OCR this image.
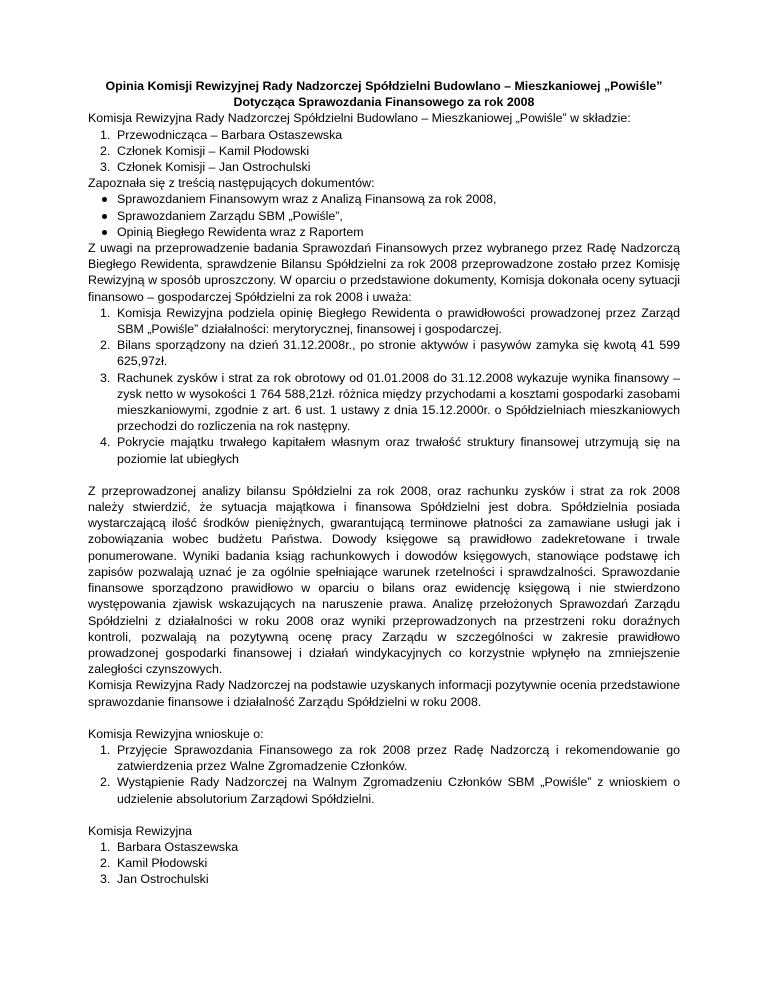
Opinia Komisji Rewizyjnej Rady Nadzorczej Spółdzielni Budowlano – Mieszkaniowej „Powiśle”
Dotycząca Sprawozdania Finansowego za rok 2008

Komisja Rewizyjna Rady Nadzorczej Spółdzielni Budowlano – Mieszkaniowej „Powiśle” w składzie:

1. Przewodnicząca – Barbara Ostaszewska
2. Członek Komisji – Kamil Płodowski
3. Członek Komisji – Jan Ostrochulski

Zapoznała się z treścią następujących dokumentów:

Sprawozdaniem Finansowym wraz z Analizą Finansową za rok 2008,
Sprawozdaniem Zarządu SBM „Powiśle”,
Opinią Biegłego Rewidenta wraz z Raportem

Z uwagi na przeprowadzenie badania Sprawozdań Finansowych przez wybranego przez Radę Nadzorczą Biegłego Rewidenta, sprawdzenie Bilansu Spółdzielni za rok 2008 przeprowadzone zostało przez Komisję Rewizyjną w sposób uproszczony. W oparciu o przedstawione dokumenty, Komisja dokonała oceny sytuacji finansowo – gospodarczej Spółdzielni za rok 2008 i uważa:

1. Komisja Rewizyjna podziela opinię Biegłego Rewidenta o prawidłowości prowadzonej przez Zarząd SBM „Powiśle” działalności: merytorycznej, finansowej i gospodarczej.
2. Bilans sporządzony na dzień 31.12.2008r., po stronie aktywów i pasywów zamyka się kwotą 41 599 625,97zł.
3. Rachunek zysków i strat za rok obrotowy od 01.01.2008 do 31.12.2008 wykazuje wynika finansowy – zysk netto w wysokości 1 764 588,21zł. różnica między przychodami a kosztami gospodarki zasobami mieszkaniowymi, zgodnie z art. 6 ust. 1 ustawy z dnia 15.12.2000r. o Spółdzielniach mieszkaniowych przechodzi do rozliczenia na rok następny.
4. Pokrycie majątku trwałego kapitałem własnym oraz trwałość struktury finansowej utrzymują się na poziomie lat ubiegłych

Z przeprowadzonej analizy bilansu Spółdzielni za rok 2008, oraz rachunku zysków i strat za rok 2008 należy stwierdzić, że sytuacja majątkowa i finansowa Spółdzielni jest dobra. Spółdzielnia posiada wystarczającą ilość środków pieniężnych, gwarantującą terminowe płatności za zamawiane usługi jak i zobowiązania wobec budżetu Państwa. Dowody księgowe są prawidłowo zadekretowane i trwale ponumerowane. Wyniki badania ksiąg rachunkowych i dowodów księgowych, stanowiące podstawę ich zapisów pozwalają uznać je za ogólnie spełniające warunek rzetelności i sprawdzalności. Sprawozdanie finansowe sporządzono prawidłowo w oparciu o bilans oraz ewidencję księgową i nie stwierdzono występowania zjawisk wskazujących na naruszenie prawa. Analizę przełożonych Sprawozdań Zarządu Spółdzielni z działalności w roku 2008 oraz wyniki przeprowadzonych na przestrzeni roku doraźnych kontroli, pozwalają na pozytywną ocenę pracy Zarządu w szczególności w zakresie prawidłowo prowadzonej gospodarki finansowej i działań windykacyjnych co korzystnie wpłynęło na zmniejszenie zaległości czynszowych.

Komisja Rewizyjna Rady Nadzorczej na podstawie uzyskanych informacji pozytywnie ocenia przedstawione sprawozdanie finansowe i działalność Zarządu Spółdzielni w roku 2008.

Komisja Rewizyjna wnioskuje o:

1. Przyjęcie Sprawozdania Finansowego za rok 2008 przez Radę Nadzorczą i rekomendowanie go zatwierdzenia przez Walne Zgromadzenie Członków.
2. Wystąpienie Rady Nadzorczej na Walnym Zgromadzeniu Członków SBM „Powiśle” z wnioskiem o udzielenie absolutorium Zarządowi Spółdzielni.

Komisja Rewizyjna

1. Barbara Ostaszewska
2. Kamil Płodowski
3. Jan Ostrochulski
